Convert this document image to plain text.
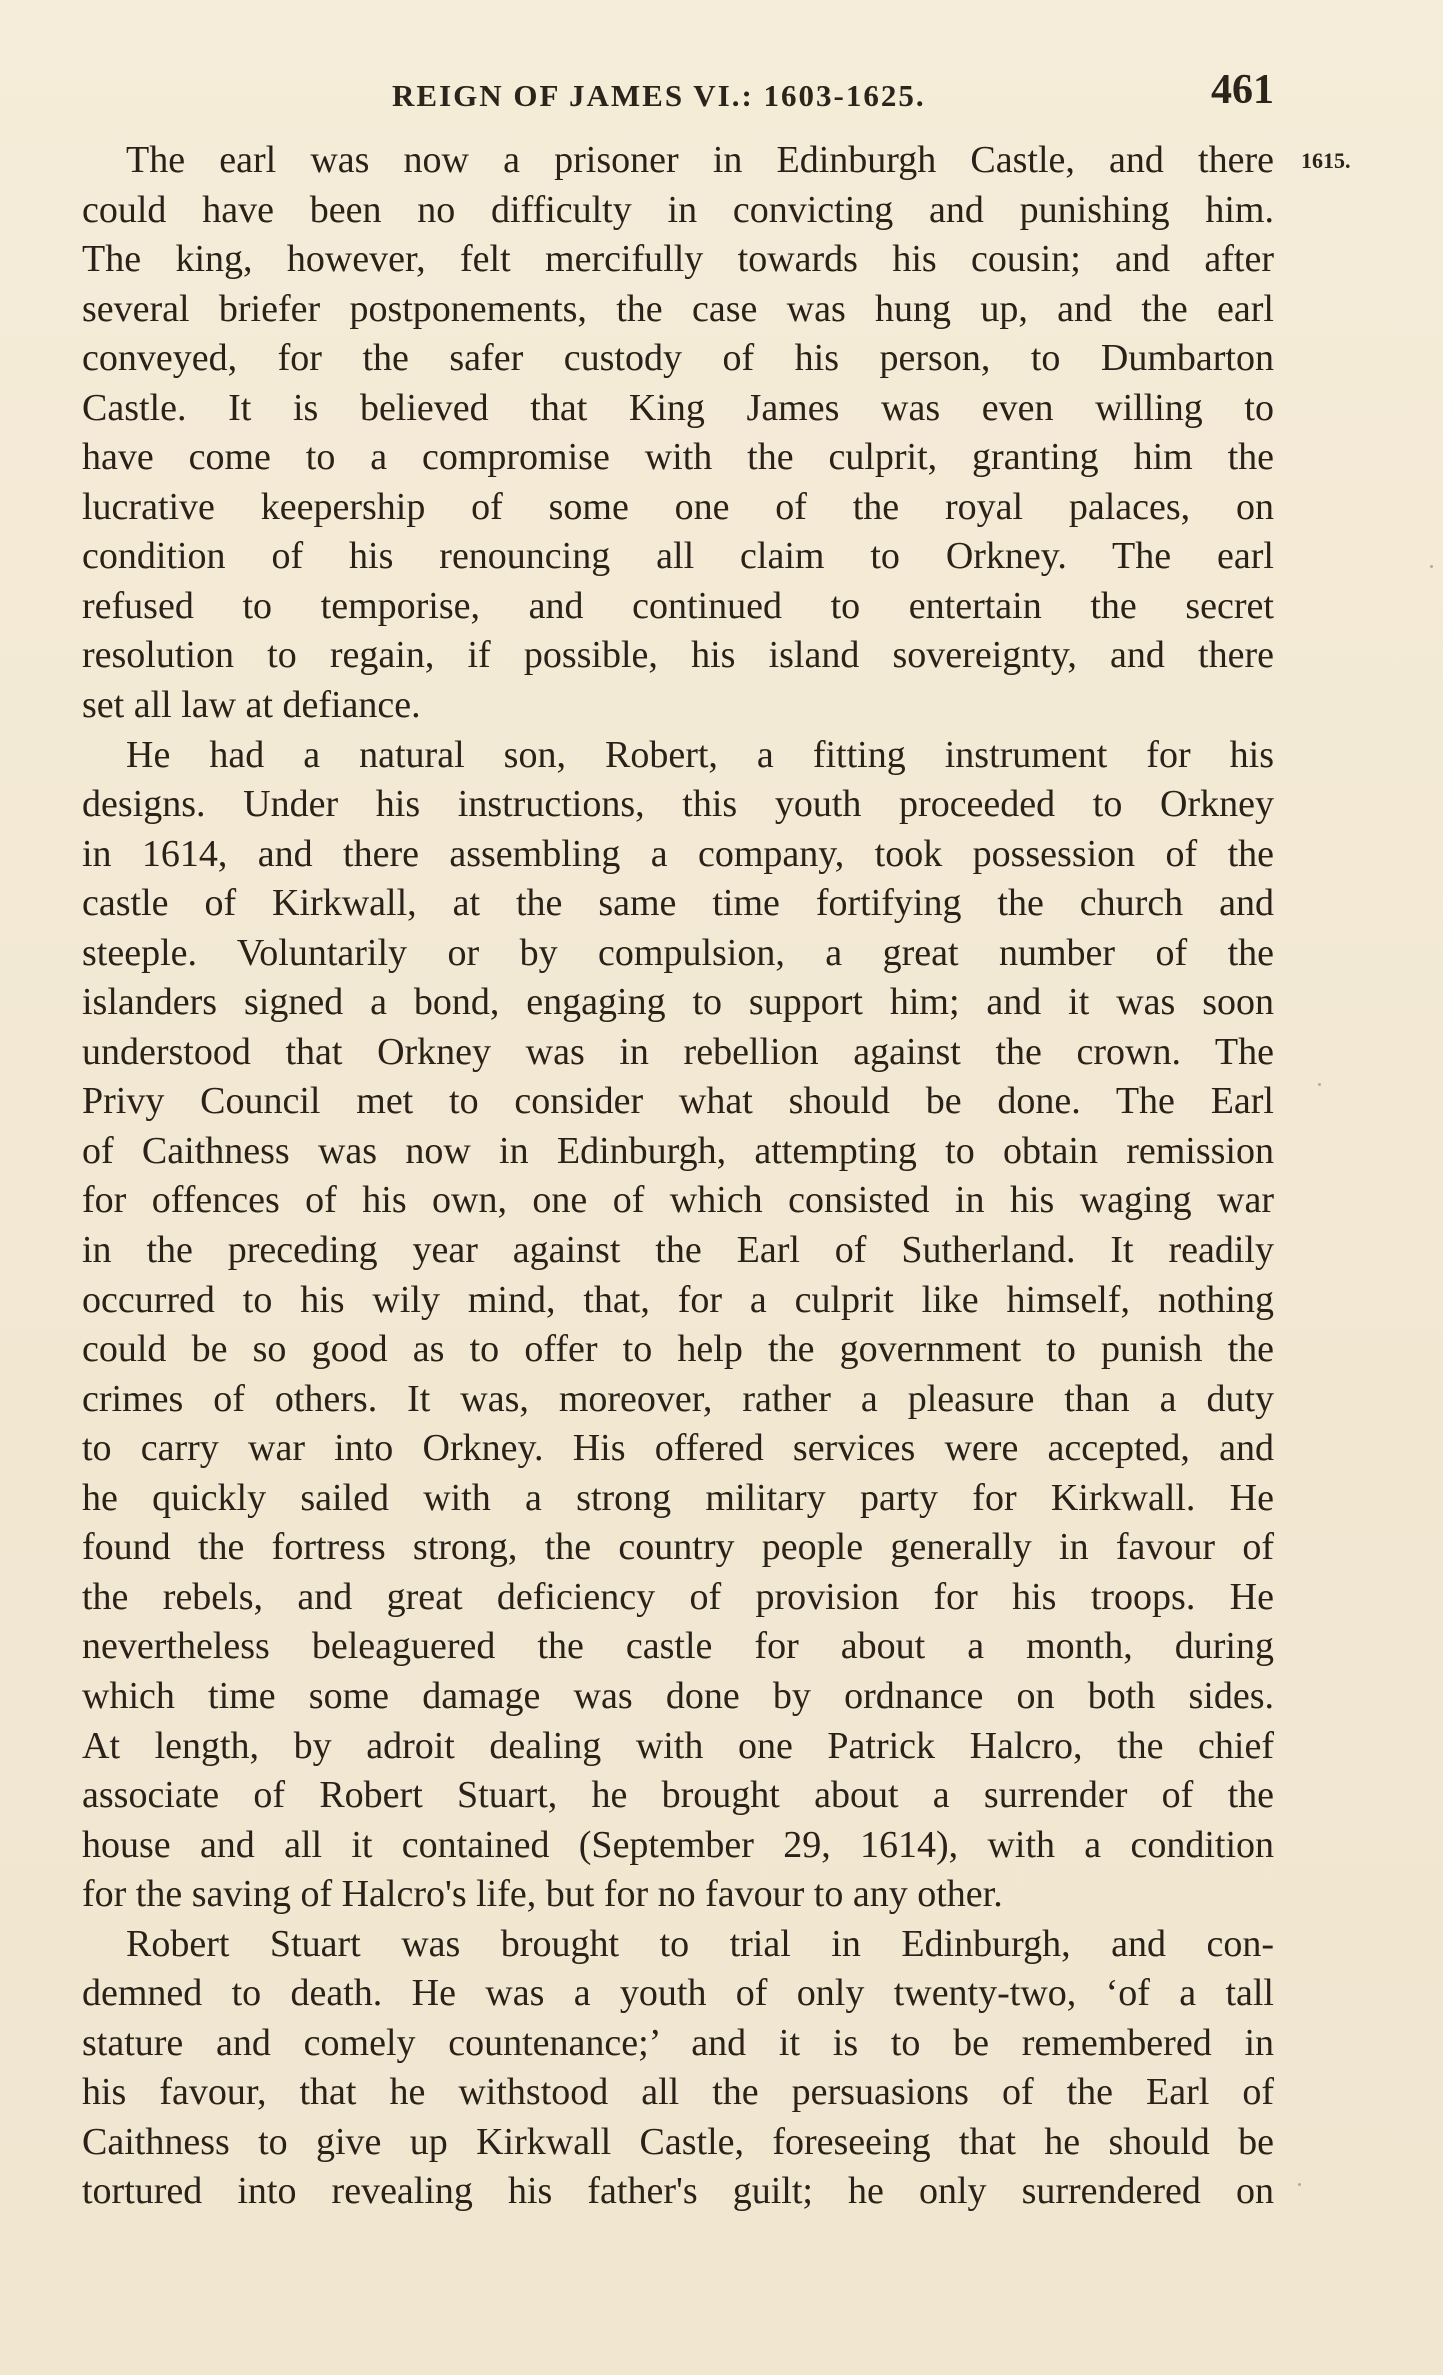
REIGN OF JAMES VI.: 1603-1625.	461
1615.
The earl was now a prisoner in Edinburgh Castle, and there
could have been no difficulty in convicting and punishing him.
The king, however, felt mercifully towards his cousin; and after
several briefer postponements, the case was hung up, and the earl
conveyed, for the safer custody of his person, to Dumbarton
Castle. It is believed that King James was even willing to
have come to a compromise with the culprit, granting him the
lucrative keepership of some one of the royal palaces, on
condition of his renouncing all claim to Orkney. The earl
refused to temporise, and continued to entertain the secret
resolution to regain, if possible, his island sovereignty, and there
set all law at defiance.
He had a natural son, Robert, a fitting instrument for his
designs. Under his instructions, this youth proceeded to Orkney
in 1614, and there assembling a company, took possession of the
castle of Kirkwall, at the same time fortifying the church and
steeple. Voluntarily or by compulsion, a great number of the
islanders signed a bond, engaging to support him; and it was soon
understood that Orkney was in rebellion against the crown. The
Privy Council met to consider what should be done. The Earl
of Caithness was now in Edinburgh, attempting to obtain remission
for offences of his own, one of which consisted in his waging war
in the preceding year against the Earl of Sutherland. It readily
occurred to his wily mind, that, for a culprit like himself, nothing
could be so good as to offer to help the government to punish the
crimes of others. It was, moreover, rather a pleasure than a duty
to carry war into Orkney. His offered services were accepted, and
he quickly sailed with a strong military party for Kirkwall. He
found the fortress strong, the country people generally in favour of
the rebels, and great deficiency of provision for his troops. He
nevertheless beleaguered the castle for about a month, during
which time some damage was done by ordnance on both sides.
At length, by adroit dealing with one Patrick Halcro, the chief
associate of Robert Stuart, he brought about a surrender of the
house and all it contained (September 29, 1614), with a condition
for the saving of Halcro's life, but for no favour to any other.
Robert Stuart was brought to trial in Edinburgh, and con-
demned to death. He was a youth of only twenty-two, ‘of a tall
stature and comely countenance;’ and it is to be remembered in
his favour, that he withstood all the persuasions of the Earl of
Caithness to give up Kirkwall Castle, foreseeing that he should be
tortured into revealing his father's guilt; he only surrendered on
